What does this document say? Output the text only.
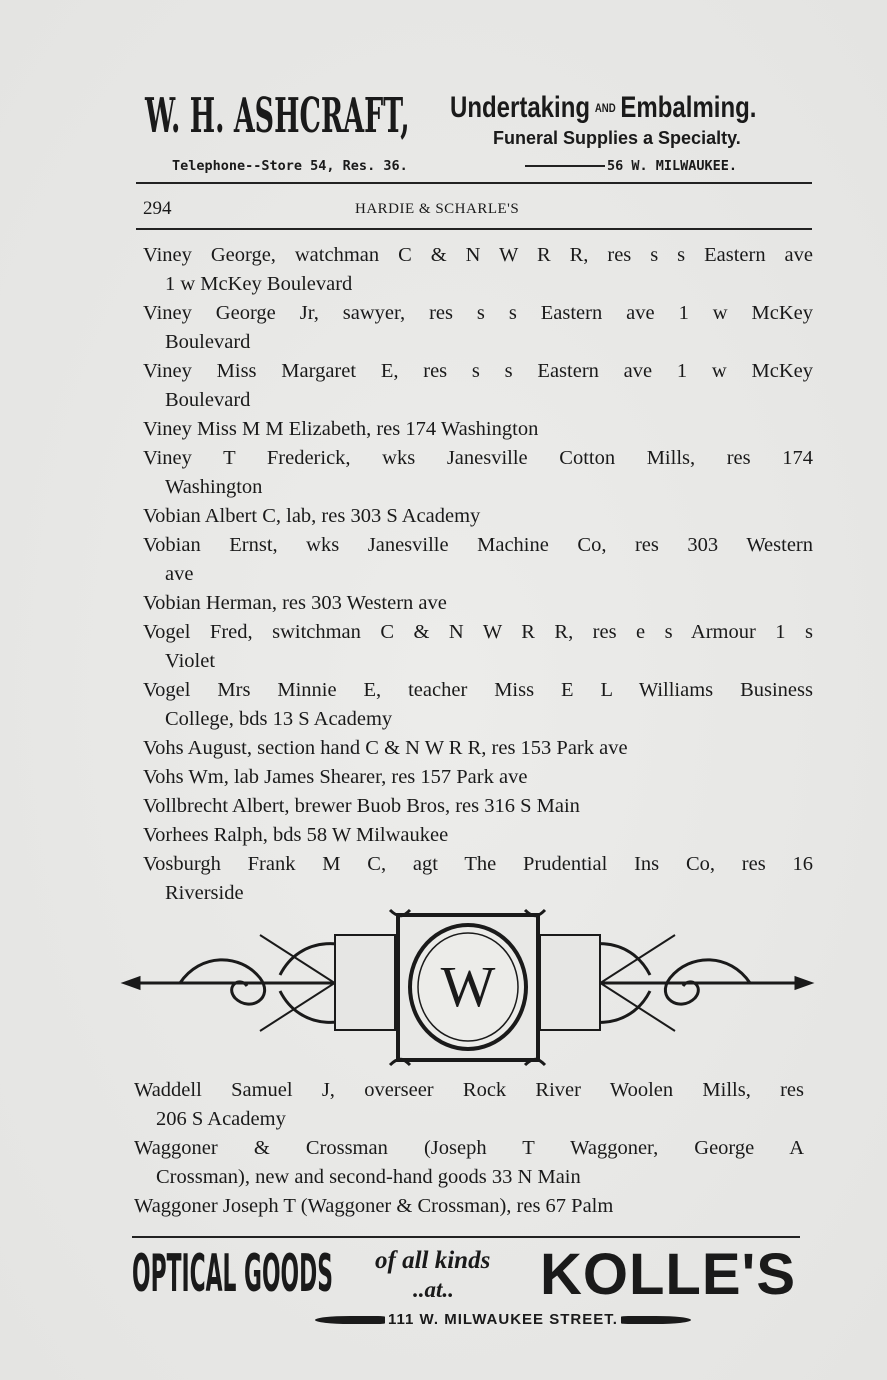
W. H. ASHCRAFT, Undertaking $^{AND}$ Embalming.
Funeral Supplies a Specialty.
Telephone--Store 54, Res. 36.	56 W. MILWAUKEE.
294	HARDIE & SCHARLE'S
Viney George, watchman C & N W R R, res s s Eastern ave
1 w McKey Boulevard
Viney George Jr, sawyer, res s s Eastern ave 1 w McKey
Boulevard
Viney Miss Margaret E, res s s Eastern ave 1 w McKey
Boulevard
Viney Miss M M Elizabeth, res 174 Washington
Viney T Frederick, wks Janesville Cotton Mills, res 174
Washington
Vobian Albert C, lab, res 303 S Academy
Vobian Ernst, wks Janesville Machine Co, res 303 Western
ave
Vobian Herman, res 303 Western ave
Vogel Fred, switchman C & N W R R, res e s Armour 1 s
Violet
Vogel Mrs Minnie E, teacher Miss E L Williams Business
College, bds 13 S Academy
Vohs August, section hand C & N W R R, res 153 Park ave
Vohs Wm, lab James Shearer, res 157 Park ave
Vollbrecht Albert, brewer Buob Bros, res 316 S Main
Vorhees Ralph, bds 58 W Milwaukee
Vosburgh Frank M C, agt The Prudential Ins Co, res 16
Riverside
W
Waddell Samuel J, overseer Rock River Woolen Mills, res
206 S Academy
Waggoner & Crossman (Joseph T Waggoner, George A
Crossman), new and second-hand goods 33 N Main
Waggoner Joseph T (Waggoner & Crossman), res 67 Palm
OPTICAL GOODS of all kinds
..at.. KOLLE'S
111 W. MILWAUKEE STREET.
